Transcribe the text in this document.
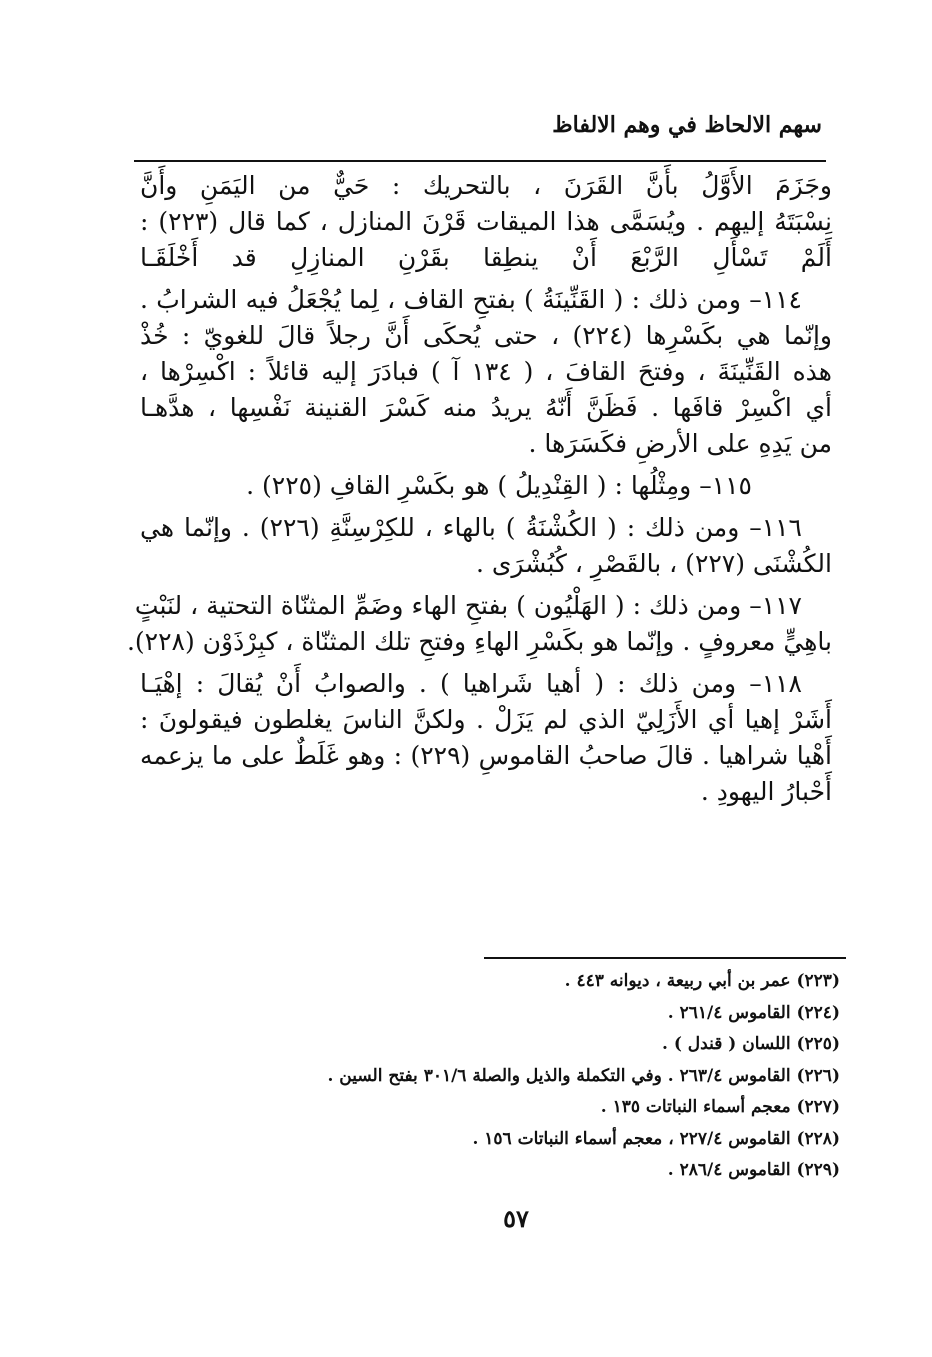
سهم الالحاظ في وهم الالفاظ
وجَزَمَ الأَوَّلُ بأَنَّ القَرَنَ ، بالتحريك : حَيٌّ من اليَمَنِ وأَنَّ
نِسْبَتَهُ إليهم . ويُسَمَّى هذا الميقات قَرْنَ المنازل ، كما قال (٢٢٣) :
أَلَمْ تَسْأَلِ الرَّبْعَ أَنْ ينطِقا بقَرْنِ المنازِلِ قد أَخْلَقَـا
١١٤– ومن ذلك : ( القَنِّينَةُ ) بفتحِ القاف ، لِما يُجْعَلُ فيه الشرابُ .
وإنّما هي بكَسْرِها (٢٢٤) ، حتى يُحكَى أَنَّ رجلاً قالَ للغويّ : خُذْ
هذه القَنِّينَةَ ، وفتحَ القافَ ، ( ١٣٤ آ ) فبادَرَ إليه قائلاً : اكْسِرْها ،
أي اكْسِرْ قافَها . فَظَنَّ أَنّهُ يريدُ منه كَسْرَ القنينة نَفْسِها ، هدَّهـا
من يَدِهِ على الأرضِ فكَسَرَها .
١١٥– ومِثْلُها : ( القِنْدِيلُ ) هو بكَسْرِ القافِ (٢٢٥) .
١١٦– ومن ذلك : ( الكُشْنَةُ ) بالهاء ، للكِرْسِنَّةِ (٢٢٦) . وإنّما هي
الكُشْنَى (٢٢٧) ، بالقَصْرِ ، كُبُشْرَى .
١١٧– ومن ذلك : ( الهَلْيُون ) بفتحِ الهاء وضَمِّ المثنّاة التحتية ، لنَبْتٍ
باهِيٍّ معروفٍ . وإنّما هو بكَسْرِ الهاءِ وفتحِ تلك المثنّاة ، كبِرْذَوْن (٢٢٨).
١١٨– ومن ذلك : ( أهيا شَراهيا ) . والصوابُ أَنْ يُقالَ : إهْيَـا
أَشَرْ إهيا أي الأَزَلِيّ الذي لم يَزَلْ . ولكنَّ الناسَ يغلطون فيقولونَ :
أَهْيا شراهيا . قالَ صاحبُ القاموسِ (٢٢٩) : وهو غَلَطٌ على ما يزعمه
أَحْبارُ اليهودِ .
(٢٢٣) عمر بن أبي ربيعة ، ديوانه ٤٤٣ .
(٢٢٤) القاموس ٢٦١/٤ .
(٢٢٥) اللسان ( قندل ) .
(٢٢٦) القاموس ٢٦٣/٤ . وفي التكملة والذيل والصلة ٣٠١/٦ بفتح السين .
(٢٢٧) معجم أسماء النباتات ١٣٥ .
(٢٢٨) القاموس ٢٢٧/٤ ، معجم أسماء النباتات ١٥٦ .
(٢٢٩) القاموس ٢٨٦/٤ .
٥٧
